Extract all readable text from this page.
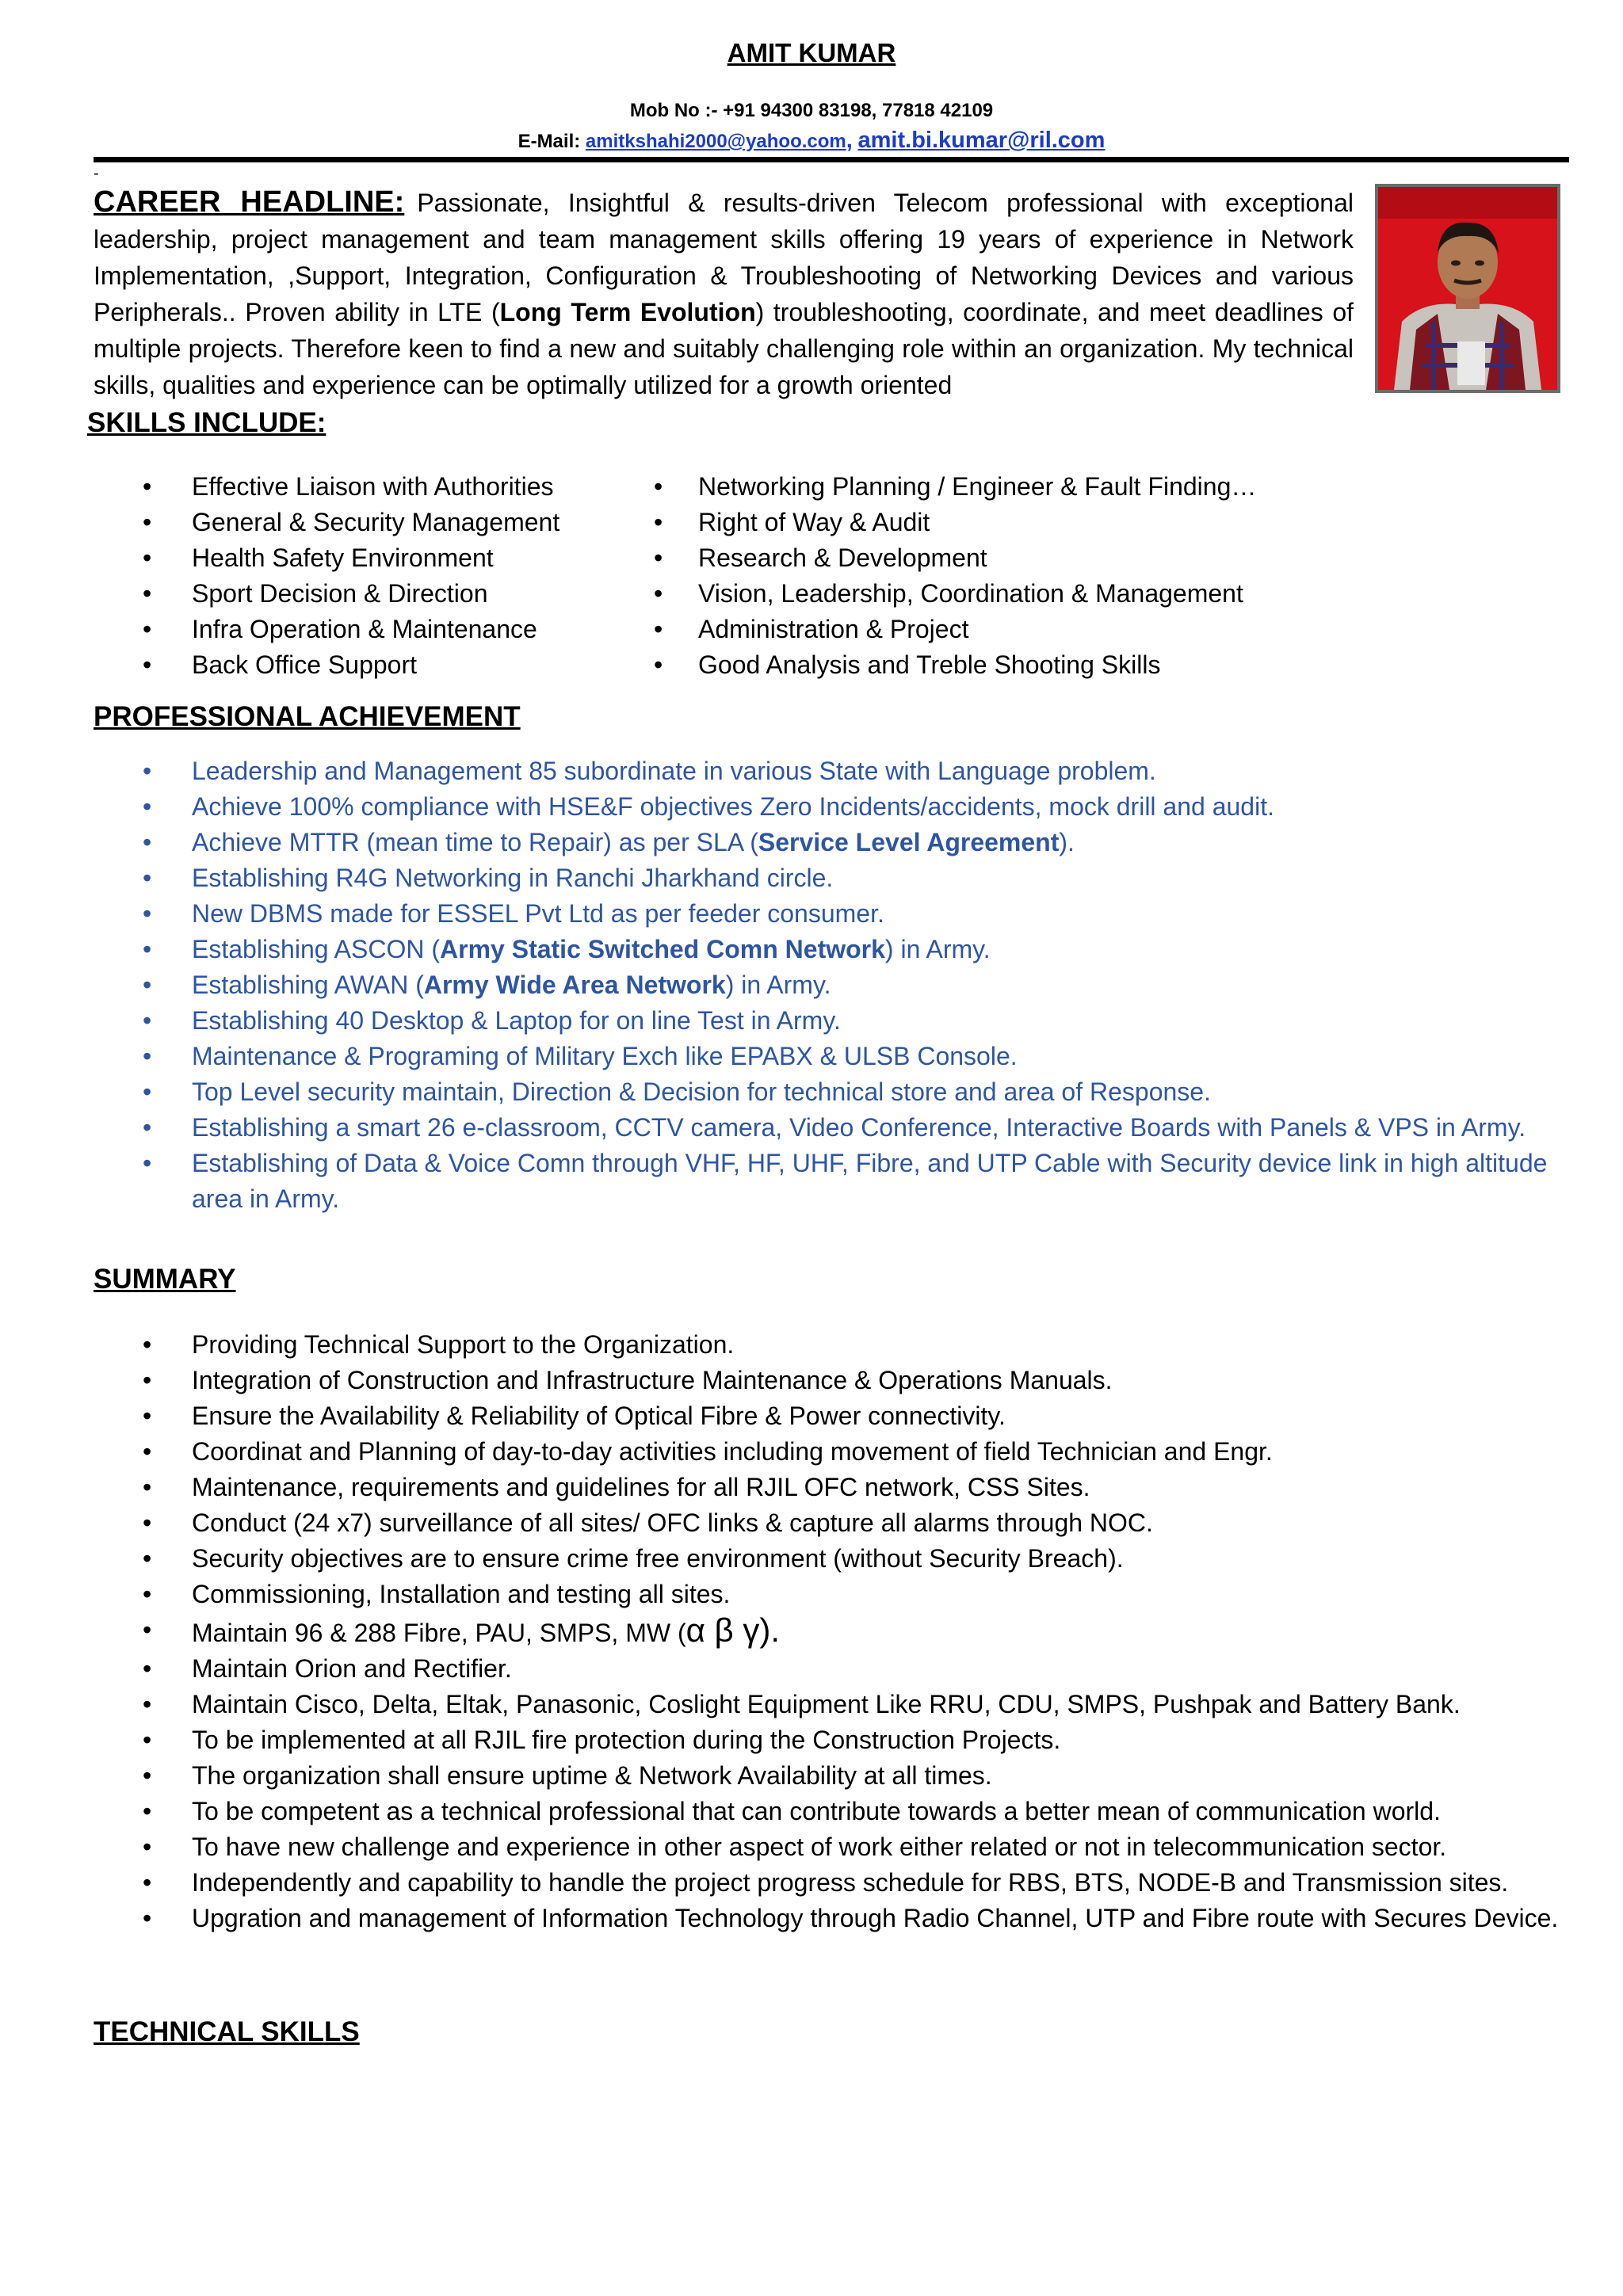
AMIT KUMAR
Mob No :- +91 94300 83198, 77818 42109
E-Mail: amitkshahi2000@yahoo.com, amit.bi.kumar@ril.com
-
CAREER HEADLINE: Passionate, Insightful & results-driven Telecom professional with exceptional leadership, project management and team management skills offering 19 years of experience in Network Implementation, ,Support, Integration, Configuration & Troubleshooting of Networking Devices and various Peripherals.. Proven ability in LTE (Long Term Evolution) troubleshooting, coordinate, and meet deadlines of multiple projects. Therefore keen to find a new and suitably challenging role within an organization. My technical skills, qualities and experience can be optimally utilized for a growth oriented
SKILLS INCLUDE:
• Effective Liaison with Authorities
• General & Security Management
• Health Safety Environment
• Sport Decision & Direction
• Infra Operation & Maintenance
• Back Office Support
• Networking Planning / Engineer & Fault Finding…
• Right of Way & Audit
• Research & Development
• Vision, Leadership, Coordination & Management
• Administration & Project
• Good Analysis and Treble Shooting Skills
PROFESSIONAL ACHIEVEMENT
• Leadership and Management 85 subordinate in various State with Language problem.
• Achieve 100% compliance with HSE&F objectives Zero Incidents/accidents, mock drill and audit.
• Achieve MTTR (mean time to Repair) as per SLA (Service Level Agreement).
• Establishing R4G Networking in Ranchi Jharkhand circle.
• New DBMS made for ESSEL Pvt Ltd as per feeder consumer.
• Establishing ASCON (Army Static Switched Comn Network) in Army.
• Establishing AWAN (Army Wide Area Network) in Army.
• Establishing 40 Desktop & Laptop for on line Test in Army.
• Maintenance & Programing of Military Exch like EPABX & ULSB Console.
• Top Level security maintain, Direction & Decision for technical store and area of Response.
• Establishing a smart 26 e-classroom, CCTV camera, Video Conference, Interactive Boards with Panels & VPS in Army.
• Establishing of Data & Voice Comn through VHF, HF, UHF, Fibre, and UTP Cable with Security device link in high altitude area in Army.
SUMMARY
• Providing Technical Support to the Organization.
• Integration of Construction and Infrastructure Maintenance & Operations Manuals.
• Ensure the Availability & Reliability of Optical Fibre & Power connectivity.
• Coordinat and Planning of day-to-day activities including movement of field Technician and Engr.
• Maintenance, requirements and guidelines for all RJIL OFC network, CSS Sites.
• Conduct (24 x7) surveillance of all sites/ OFC links & capture all alarms through NOC.
• Security objectives are to ensure crime free environment (without Security Breach).
• Commissioning, Installation and testing all sites.
• Maintain 96 & 288 Fibre, PAU, SMPS, MW (α β γ).
• Maintain Orion and Rectifier.
• Maintain Cisco, Delta, Eltak, Panasonic, Coslight Equipment Like RRU, CDU, SMPS, Pushpak and Battery Bank.
• To be implemented at all RJIL fire protection during the Construction Projects.
• The organization shall ensure uptime & Network Availability at all times.
• To be competent as a technical professional that can contribute towards a better mean of communication world.
• To have new challenge and experience in other aspect of work either related or not in telecommunication sector.
• Independently and capability to handle the project progress schedule for RBS, BTS, NODE-B and Transmission sites.
• Upgration and management of Information Technology through Radio Channel, UTP and Fibre route with Secures Device.
TECHNICAL SKILLS
